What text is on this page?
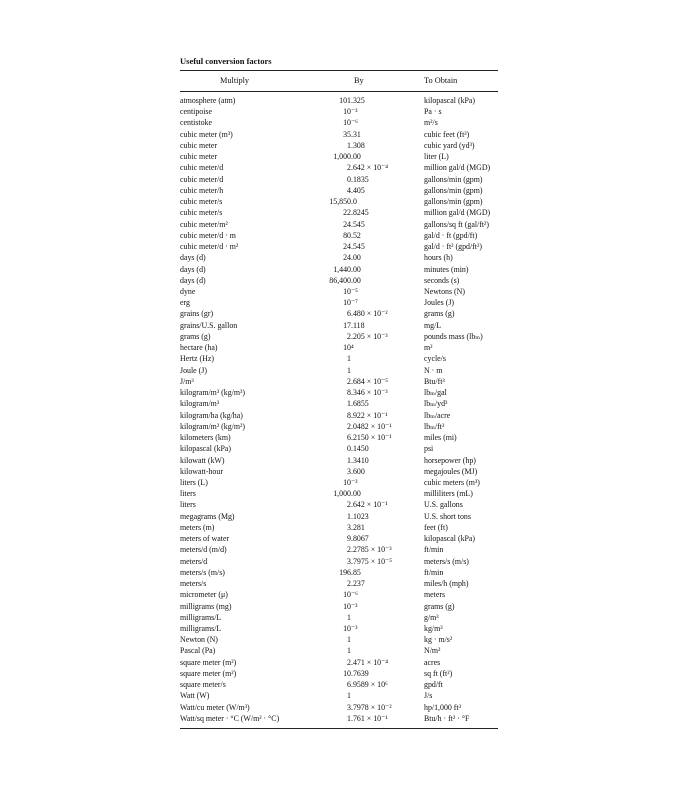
Useful conversion factors
Multiply	By	To Obtain
atmosphere (atm)	101.325	kilopascal (kPa)
centipoise	10⁻³	Pa · s
centistoke	10⁻⁶	m²/s
cubic meter (m³)	35.31	cubic feet (ft³)
cubic meter	1.308	cubic yard (yd³)
cubic meter	1,000.00	liter (L)
cubic meter/d	2.642 × 10⁻⁴	million gal/d (MGD)
cubic meter/d	0.1835	gallons/min (gpm)
cubic meter/h	4.405	gallons/min (gpm)
cubic meter/s	15,850.0	gallons/min (gpm)
cubic meter/s	22.8245	million gal/d (MGD)
cubic meter/m²	24.545	gallons/sq ft (gal/ft²)
cubic meter/d · m	80.52	gal/d · ft (gpd/ft)
cubic meter/d · m²	24.545	gal/d · ft² (gpd/ft²)
days (d)	24.00	hours (h)
days (d)	1,440.00	minutes (min)
days (d)	86,400.00	seconds (s)
dyne	10⁻⁵	Newtons (N)
erg	10⁻⁷	Joules (J)
grains (gr)	6.480 × 10⁻²	grams (g)
grains/U.S. gallon	17.118	mg/L
grams (g)	2.205 × 10⁻³	pounds mass (lbₘ)
hectare (ha)	10⁴	m²
Hertz (Hz)	1	cycle/s
Joule (J)	1	N · m
J/m³	2.684 × 10⁻⁵	Btu/ft³
kilogram/m³ (kg/m³)	8.346 × 10⁻³	lbₘ/gal
kilogram/m³	1.6855	lbₘ/yd³
kilogram/ha (kg/ha)	8.922 × 10⁻¹	lbₘ/acre
kilogram/m² (kg/m²)	2.0482 × 10⁻¹	lbₘ/ft²
kilometers (km)	6.2150 × 10⁻¹	miles (mi)
kilopascal (kPa)	0.1450	psi
kilowatt (kW)	1.3410	horsepower (hp)
kilowatt-hour	3.600	megajoules (MJ)
liters (L)	10⁻³	cubic meters (m³)
liters	1,000.00	milliliters (mL)
liters	2.642 × 10⁻¹	U.S. gallons
megagrams (Mg)	1.1023	U.S. short tons
meters (m)	3.281	feet (ft)
meters of water	9.8067	kilopascal (kPa)
meters/d (m/d)	2.2785 × 10⁻³	ft/min
meters/d	3.7975 × 10⁻⁵	meters/s (m/s)
meters/s (m/s)	196.85	ft/min
meters/s	2.237	miles/h (mph)
micrometer (μ)	10⁻⁶	meters
milligrams (mg)	10⁻³	grams (g)
milligrams/L	1	g/m³
milligrams/L	10⁻³	kg/m³
Newton (N)	1	kg · m/s²
Pascal (Pa)	1	N/m²
square meter (m²)	2.471 × 10⁻⁴	acres
square meter (m²)	10.7639	sq ft (ft²)
square meter/s	6.9589 × 10⁶	gpd/ft
Watt (W)	1	J/s
Watt/cu meter (W/m³)	3.7978 × 10⁻²	hp/1,000 ft³
Watt/sq meter · °C (W/m² · °C)	1.761 × 10⁻¹	Btu/h · ft² · °F
